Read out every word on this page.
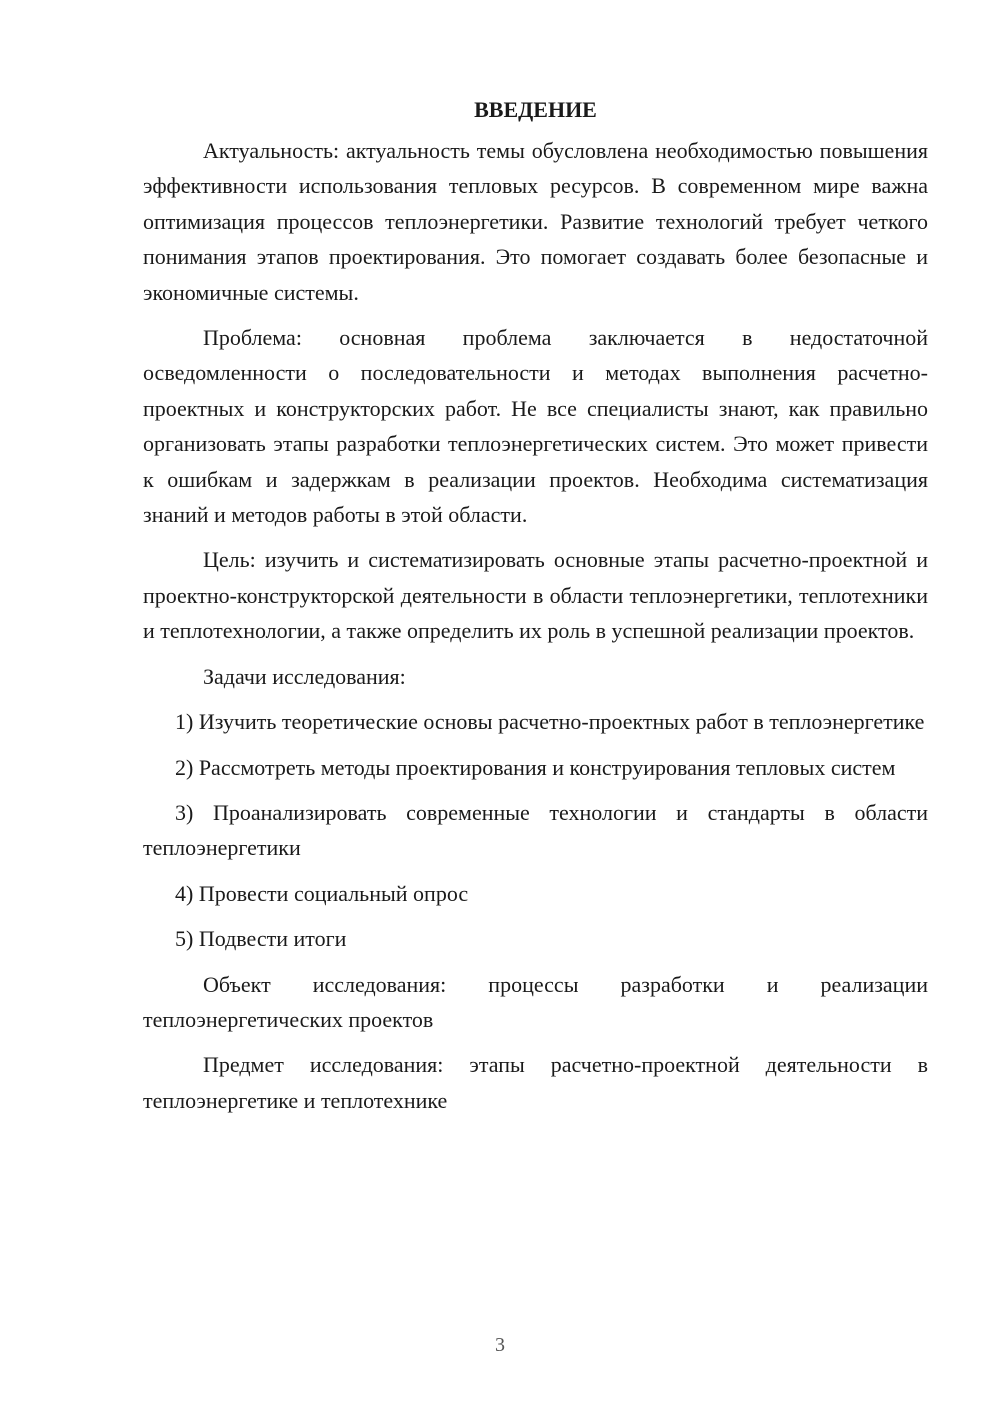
ВВЕДЕНИЕ

Актуальность: актуальность темы обусловлена необходимостью повышения эффективности использования тепловых ресурсов. В современном мире важна оптимизация процессов теплоэнергетики. Развитие технологий требует четкого понимания этапов проектирования. Это помогает создавать более безопасные и экономичные системы.

Проблема: основная проблема заключается в недостаточной осведомленности о последовательности и методах выполнения расчетно-проектных и конструкторских работ. Не все специалисты знают, как правильно организовать этапы разработки теплоэнергетических систем. Это может привести к ошибкам и задержкам в реализации проектов. Необходима систематизация знаний и методов работы в этой области.

Цель: изучить и систематизировать основные этапы расчетно-проектной и проектно-конструкторской деятельности в области теплоэнергетики, теплотехники и теплотехнологии, а также определить их роль в успешной реализации проектов.

Задачи исследования:

1) Изучить теоретические основы расчетно-проектных работ в теплоэнергетике

2) Рассмотреть методы проектирования и конструирования тепловых систем

3) Проанализировать современные технологии и стандарты в области теплоэнергетики

4) Провести социальный опрос

5) Подвести итоги

Объект исследования: процессы разработки и реализации теплоэнергетических проектов

Предмет исследования: этапы расчетно-проектной деятельности в теплоэнергетике и теплотехнике

3
